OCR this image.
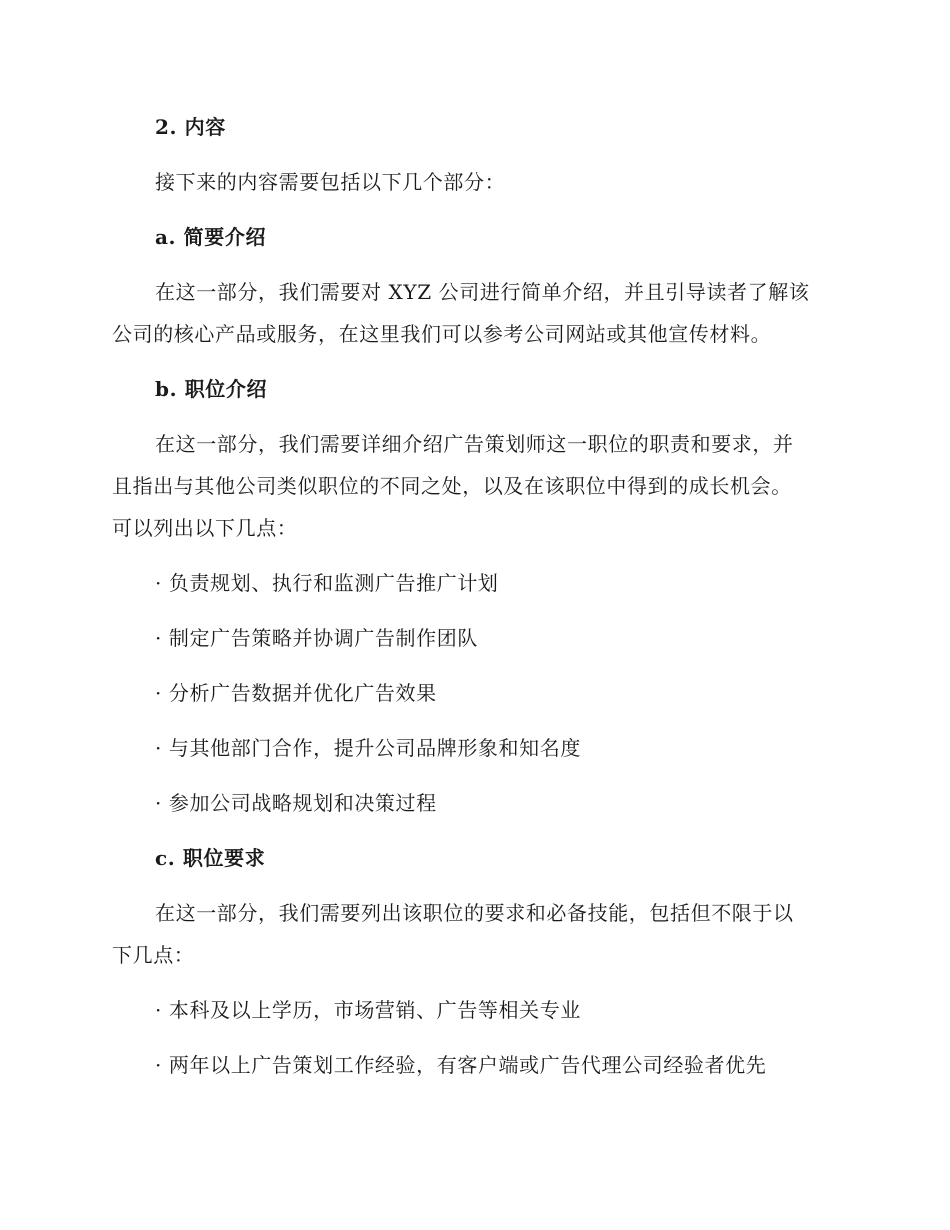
2. 内容
接下来的内容需要包括以下几个部分：
a. 简要介绍
在这一部分，我们需要对 XYZ 公司进行简单介绍，并且引导读者了解该
公司的核心产品或服务，在这里我们可以参考公司网站或其他宣传材料。
b. 职位介绍
在这一部分，我们需要详细介绍广告策划师这一职位的职责和要求，并
且指出与其他公司类似职位的不同之处，以及在该职位中得到的成长机会。
可以列出以下几点：
· 负责规划、执行和监测广告推广计划
· 制定广告策略并协调广告制作团队
· 分析广告数据并优化广告效果
· 与其他部门合作，提升公司品牌形象和知名度
· 参加公司战略规划和决策过程
c. 职位要求
在这一部分，我们需要列出该职位的要求和必备技能，包括但不限于以
下几点：
· 本科及以上学历，市场营销、广告等相关专业
· 两年以上广告策划工作经验，有客户端或广告代理公司经验者优先
